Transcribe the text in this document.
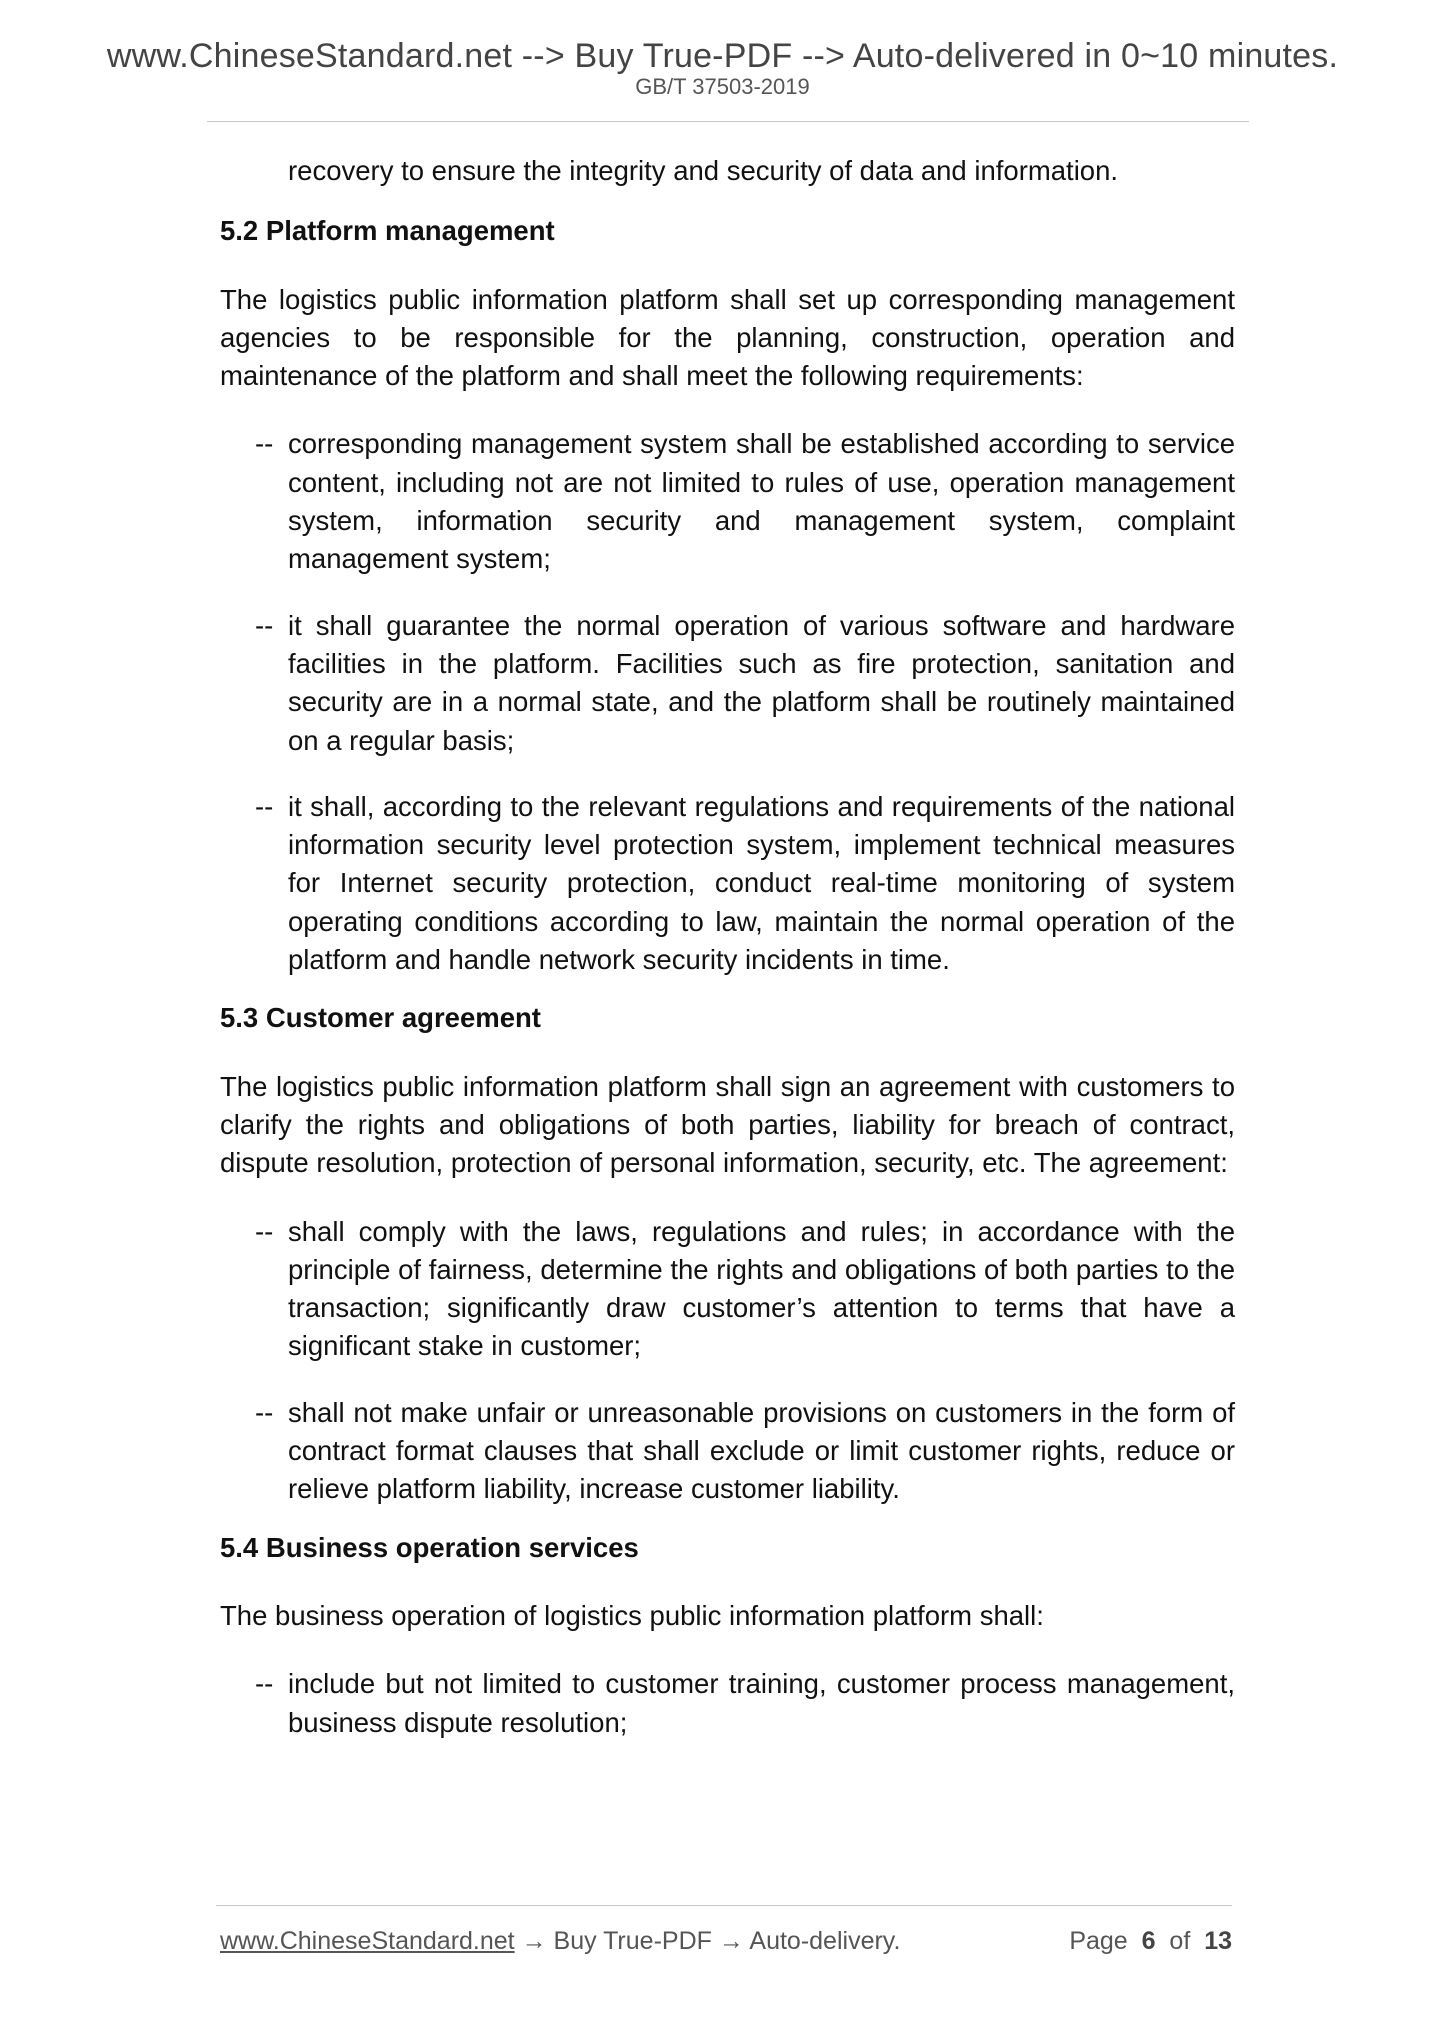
www.ChineseStandard.net --> Buy True-PDF --> Auto-delivered in 0~10 minutes.
GB/T 37503-2019

recovery to ensure the integrity and security of data and information.

5.2 Platform management

The logistics public information platform shall set up corresponding management agencies to be responsible for the planning, construction, operation and maintenance of the platform and shall meet the following requirements:

-- corresponding management system shall be established according to service content, including not are not limited to rules of use, operation management system, information security and management system, complaint management system;
-- it shall guarantee the normal operation of various software and hardware facilities in the platform. Facilities such as fire protection, sanitation and security are in a normal state, and the platform shall be routinely maintained on a regular basis;
-- it shall, according to the relevant regulations and requirements of the national information security level protection system, implement technical measures for Internet security protection, conduct real-time monitoring of system operating conditions according to law, maintain the normal operation of the platform and handle network security incidents in time.

5.3 Customer agreement

The logistics public information platform shall sign an agreement with customers to clarify the rights and obligations of both parties, liability for breach of contract, dispute resolution, protection of personal information, security, etc. The agreement:

-- shall comply with the laws, regulations and rules; in accordance with the principle of fairness, determine the rights and obligations of both parties to the transaction; significantly draw customer’s attention to terms that have a significant stake in customer;
-- shall not make unfair or unreasonable provisions on customers in the form of contract format clauses that shall exclude or limit customer rights, reduce or relieve platform liability, increase customer liability.

5.4 Business operation services

The business operation of logistics public information platform shall:

-- include but not limited to customer training, customer process management, business dispute resolution;
www.ChineseStandard.net → Buy True-PDF → Auto-delivery.	Page 6 of 13
